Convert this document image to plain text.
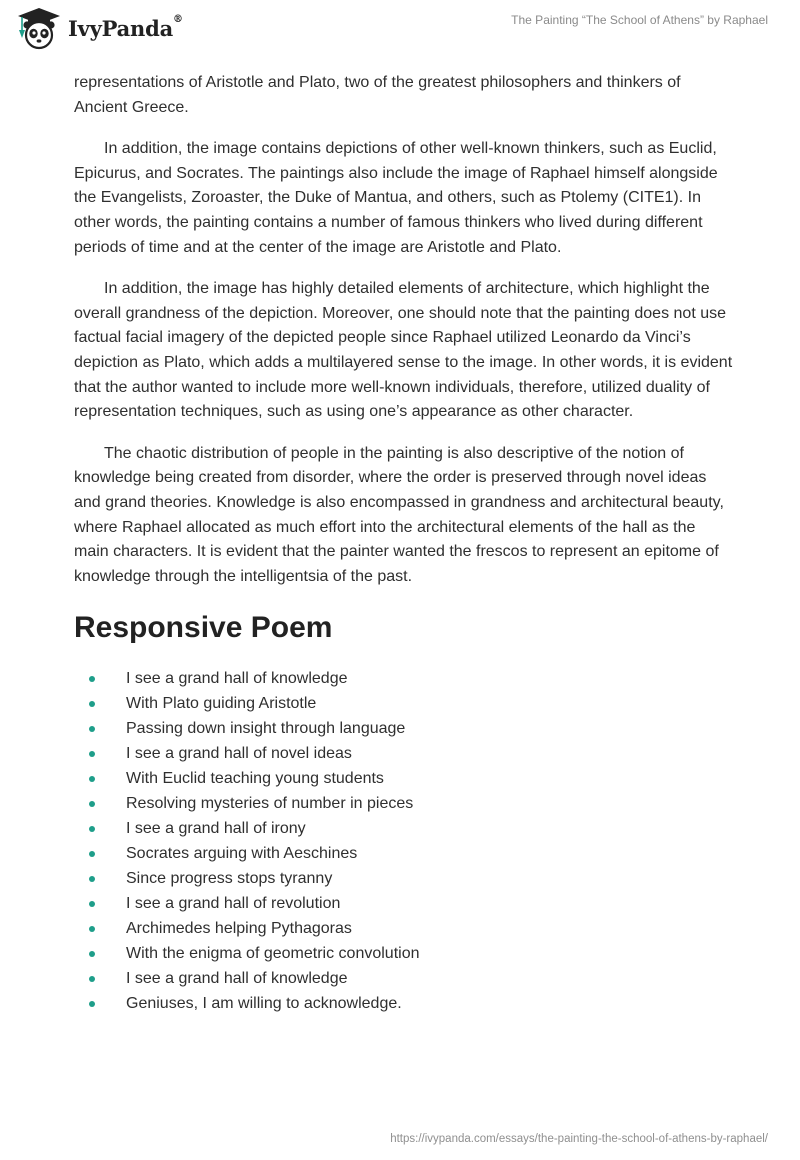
IvyPanda®	The Painting “The School of Athens” by Raphael

representations of Aristotle and Plato, two of the greatest philosophers and thinkers of Ancient Greece.

In addition, the image contains depictions of other well-known thinkers, such as Euclid, Epicurus, and Socrates. The paintings also include the image of Raphael himself alongside the Evangelists, Zoroaster, the Duke of Mantua, and others, such as Ptolemy (CITE1). In other words, the painting contains a number of famous thinkers who lived during different periods of time and at the center of the image are Aristotle and Plato.

In addition, the image has highly detailed elements of architecture, which highlight the overall grandness of the depiction. Moreover, one should note that the painting does not use factual facial imagery of the depicted people since Raphael utilized Leonardo da Vinci’s depiction as Plato, which adds a multilayered sense to the image. In other words, it is evident that the author wanted to include more well-known individuals, therefore, utilized duality of representation techniques, such as using one’s appearance as other character.

The chaotic distribution of people in the painting is also descriptive of the notion of knowledge being created from disorder, where the order is preserved through novel ideas and grand theories. Knowledge is also encompassed in grandness and architectural beauty, where Raphael allocated as much effort into the architectural elements of the hall as the main characters. It is evident that the painter wanted the frescos to represent an epitome of knowledge through the intelligentsia of the past.

Responsive Poem
I see a grand hall of knowledge
With Plato guiding Aristotle
Passing down insight through language
I see a grand hall of novel ideas
With Euclid teaching young students
Resolving mysteries of number in pieces
I see a grand hall of irony
Socrates arguing with Aeschines
Since progress stops tyranny
I see a grand hall of revolution
Archimedes helping Pythagoras
With the enigma of geometric convolution
I see a grand hall of knowledge
Geniuses, I am willing to acknowledge.
https://ivypanda.com/essays/the-painting-the-school-of-athens-by-raphael/
